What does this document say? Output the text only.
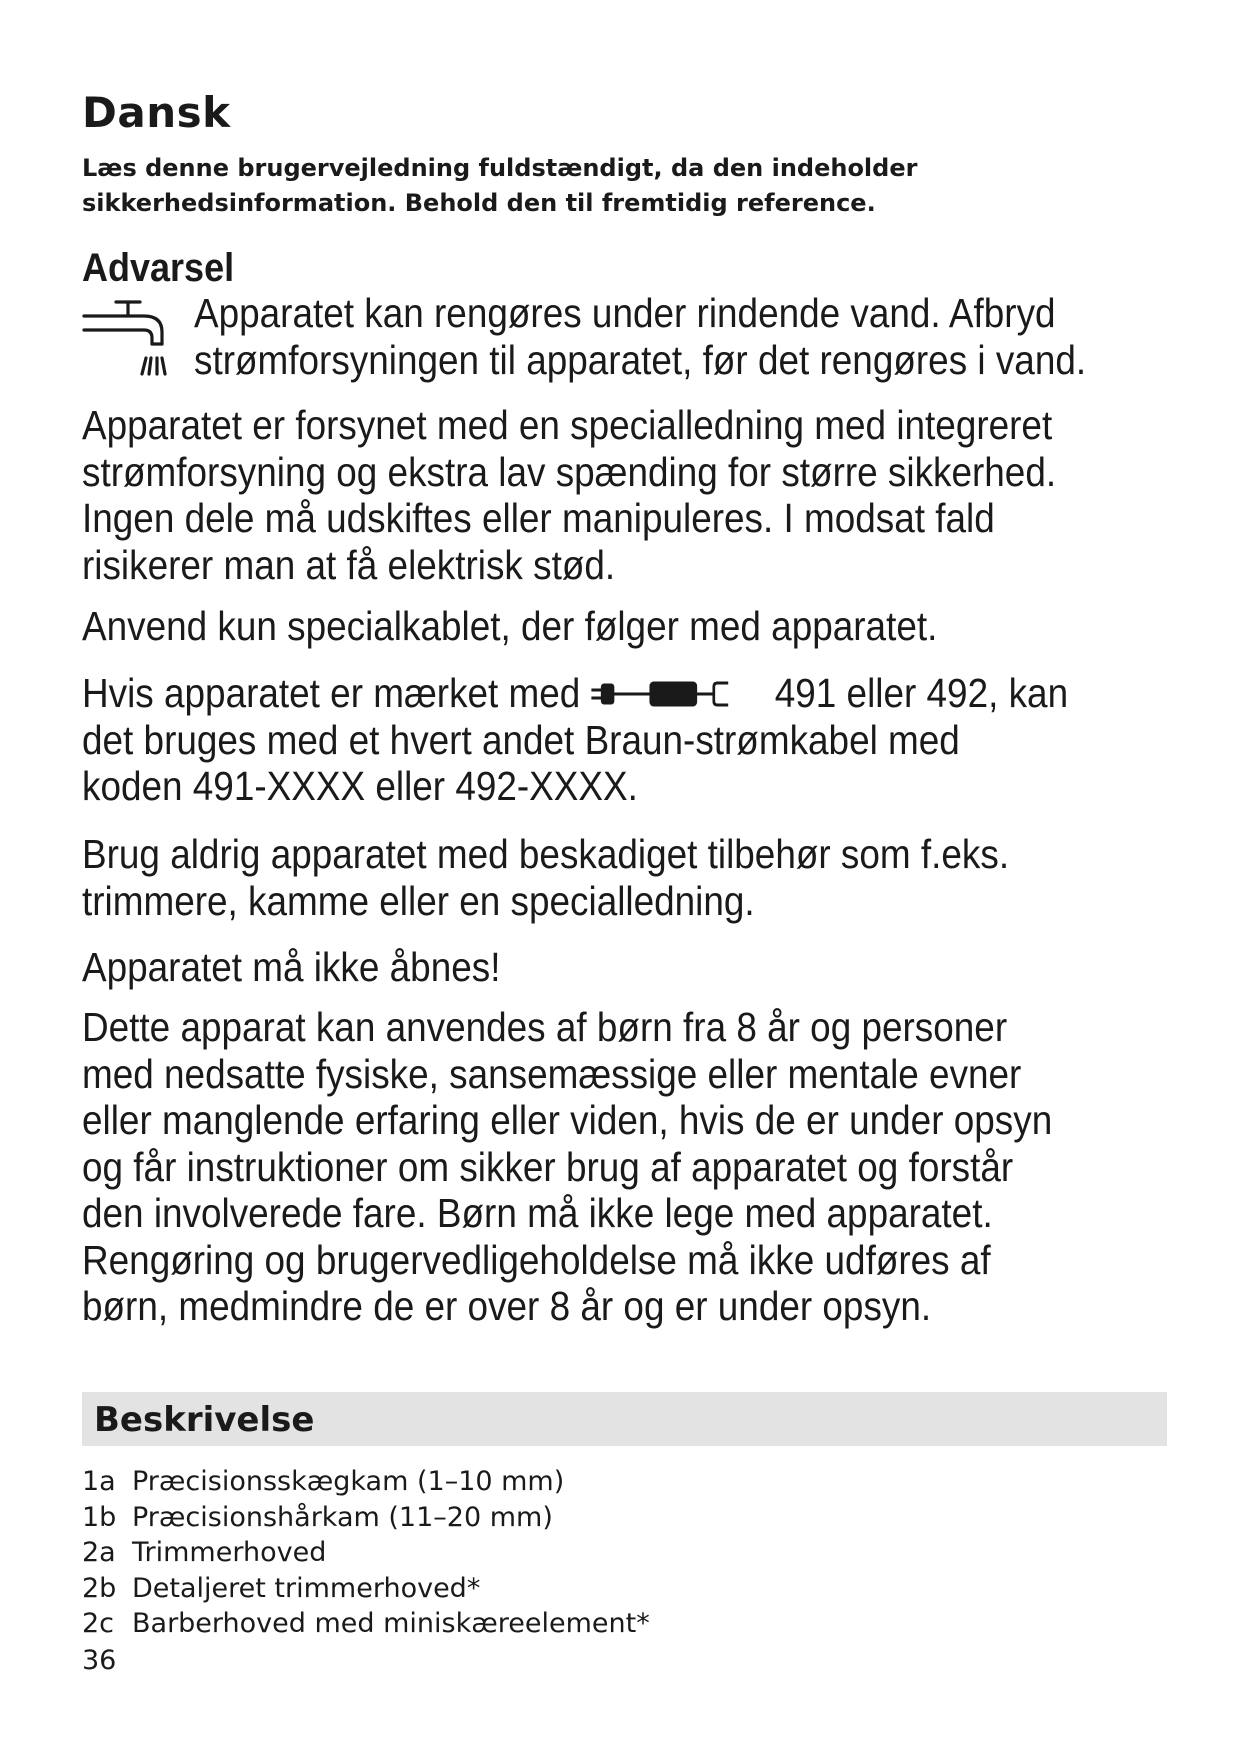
Dansk

Læs denne brugervejledning fuldstændigt, da den indeholder
sikkerhedsinformation. Behold den til fremtidig reference.

Advarsel
Apparatet kan rengøres under rindende vand. Afbryd
strømforsyningen til apparatet, før det rengøres i vand.
Apparatet er forsynet med en specialledning med integreret
strømforsyning og ekstra lav spænding for større sikkerhed.
Ingen dele må udskiftes eller manipuleres. I modsat fald
risikerer man at få elektrisk stød.
Anvend kun specialkablet, der følger med apparatet.
Hvis apparatet er mærket med	491 eller 492, kan
det bruges med et hvert andet Braun-strømkabel med
koden 491-XXXX eller 492-XXXX.
Brug aldrig apparatet med beskadiget tilbehør som f.eks.
trimmere, kamme eller en specialledning.
Apparatet må ikke åbnes!
Dette apparat kan anvendes af børn fra 8 år og personer
med nedsatte fysiske, sansemæssige eller mentale evner
eller manglende erfaring eller viden, hvis de er under opsyn
og får instruktioner om sikker brug af apparatet og forstår
den involverede fare. Børn må ikke lege med apparatet.
Rengøring og brugervedligeholdelse må ikke udføres af
børn, medmindre de er over 8 år og er under opsyn.
Beskrivelse
1a Præcisionsskægkam (1–10 mm)
1b Præcisionshårkam (11–20 mm)
2a Trimmerhoved
2b Detaljeret trimmerhoved*
2c Barberhoved med miniskæreelement*
36
